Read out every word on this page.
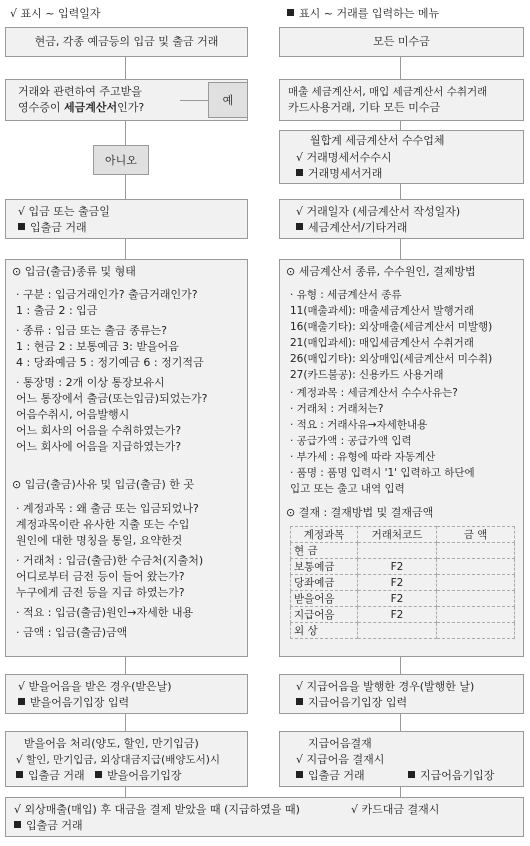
√ 표시 ~ 입력일자	표시 ~ 거래를 입력하는 메뉴
현금, 각종 예금등의 입금 및 출금 거래
거래와 관련하여 주고받을
영수증이 세금계산서인가?
예
아니오
√ 입금 또는 출금일
입출금 거래
⊙ 입금(출금)종류 및 형태
· 구분 : 입금거래인가? 출금거래인가?
1 : 출금 2 : 입금
· 종류 : 입금 또는 출금 종류는?
1 : 현금 2 : 보통예금 3: 받을어음
4 : 당좌예금 5 : 정기예금 6 : 정기적금
· 통장명 : 2개 이상 통장보유시
어느 통장에서 출금(또는입금)되었는가?
어음수취시, 어음발행시
어느 회사의 어음을 수취하였는가?
어느 회사에 어음을 지급하였는가?
⊙ 입금(출금)사유 및 입금(출금) 한 곳
· 계정과목 : 왜 출금 또는 입금되었나?
계정과목이란 유사한 지출 또는 수입
원인에 대한 명칭을 통일, 요약한것
· 거래처 : 입금(출금)한 수금처(지출처)
어디로부터 금전 등이 들어 왔는가?
누구에게 금전 등을 지급 하였는가?
· 적요 : 입금(출금)원인→자세한 내용
· 금액 : 입금(출금)금액
√ 받을어음을 받은 경우(받은날)
받을어음기입장 입력
받을어음 처리(양도, 할인, 만기입금)
√ 할인, 만기입금, 외상대금지급(배양도서)시
입출금 거래 받을어음기입장
모든 미수금
매출 세금계산서, 매입 세금계산서 수취거래
카드사용거래, 기타 모든 미수금
월합계 세금계산서 수수업체
√ 거래명세서수수시
거래명세서거래
√ 거래일자 (세금계산서 작성일자)
세금계산서/기타거래
⊙ 세금계산서 종류, 수수원인, 결제방법
· 유형 : 세금계산서 종류
11(매출과세): 매출세금계산서 발행거래
16(매출기타): 외상매출(세금계산서 미발행)
21(매입과세): 매입세금계산서 수취거래
26(매입기타): 외상매입(세금계산서 미수취)
27(카드불공): 신용카드 사용거래
· 계정과목 : 세금계산서 수수사유는?
· 거래처 : 거래처는?
· 적요 : 거래사유→자세한내용
· 공급가액 : 공급가액 입력
· 부가세 : 유형에 따라 자동계산
· 품명 : 품명 입력시 '1' 입력하고 하단에
입고 또는 출고 내역 입력
⊙ 결재 : 결재방법 및 결재금액
계정과목	거래처코드	금 액
현 금		
보통예금	F2	
당좌예금	F2	
받을어음	F2	
지급어음	F2	
외 상		
√ 지급어음을 발행한 경우(발행한 날)
지급어음기입장 입력
지급어음결재
√ 지급어음 결재시
입출금 거래	지급어음기입장
√ 외상매출(매입) 후 대금을 결제 받았을 때 (지급하였을 때)	√ 카드대금 결재시
입출금 거래
